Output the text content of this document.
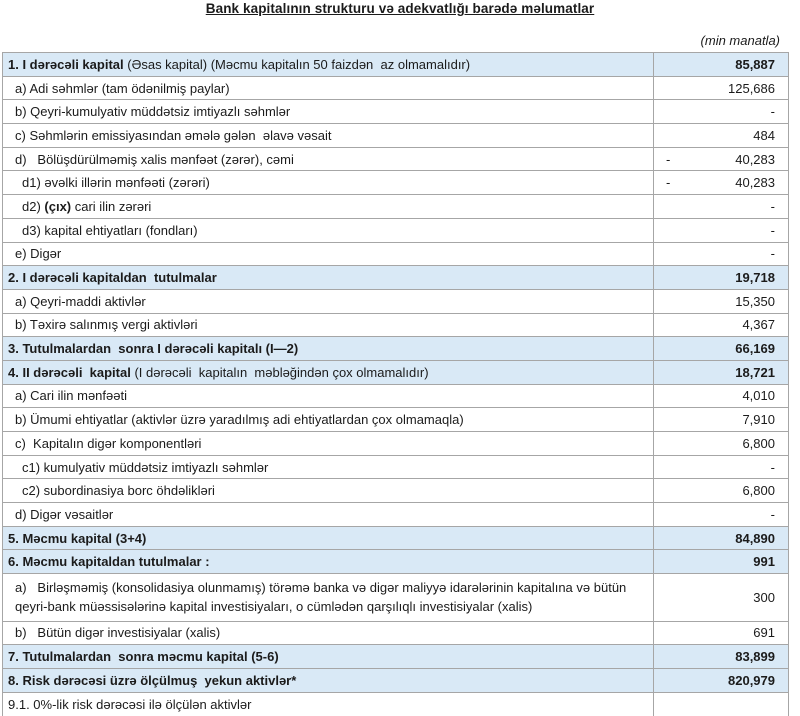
Bank kapitalının strukturu və adekvatlığı barədə məlumatlar
(min manatla)
1. I dərəcəli kapital (Əsas kapital) (Məcmu kapitalın 50 faizdən  az olmamalıdır)	85,887

a) Adi səhmlər (tam ödənilmiş paylar)	125,686

b) Qeyri-kumulyativ müddətsiz imtiyazlı səhmlər	-

c) Səhmlərin emissiyasından əmələ gələn  əlavə vəsait	484

d)   Bölüşdürülməmiş xalis mənfəət (zərər), cəmi	- 40,283

d1) əvəlki illərin mənfəəti (zərəri)	- 40,283

d2) (çıx) cari ilin zərəri	-

d3) kapital ehtiyatları (fondları)	-

e) Digər	-

2. I dərəcəli kapitaldan  tutulmalar	19,718

a) Qeyri-maddi aktivlər	15,350

b) Təxirə salınmış vergi aktivləri	4,367

3. Tutulmalardan  sonra I dərəcəli kapitalı (I—2)	66,169

4. II dərəcəli  kapital (I dərəcəli  kapitalın  məbləğindən çox olmamalıdır)	18,721

a) Cari ilin mənfəəti	4,010

b) Ümumi ehtiyatlar (aktivlər üzrə yaradılmış adi ehtiyatlardan çox olmamaqla)	7,910

c)  Kapitalın digər komponentləri	6,800

c1) kumulyativ müddətsiz imtiyazlı səhmlər	-

c2) subordinasiya borc öhdəlikləri	6,800

d) Digər vəsaitlər	-

5. Məcmu kapital (3+4)	84,890

6. Məcmu kapitaldan tutulmalar :	991

a)   Birləşməmiş (konsolidasiya olunmamış) törəmə banka və digər maliyyə idarələrinin kapitalına və bütün qeyri-bank müəssisələrinə kapital investisiyaları, o cümlədən qarşılıqlı investisiyalar (xalis)	300

b)   Bütün digər investisiyalar (xalis)	691

7. Tutulmalardan  sonra məcmu kapital (5-6)	83,899

8. Risk dərəcəsi üzrə ölçülmuş  yekun aktivlər*	820,979

9.1. 0%-lik risk dərəcəsi ilə ölçülən aktivlər	
